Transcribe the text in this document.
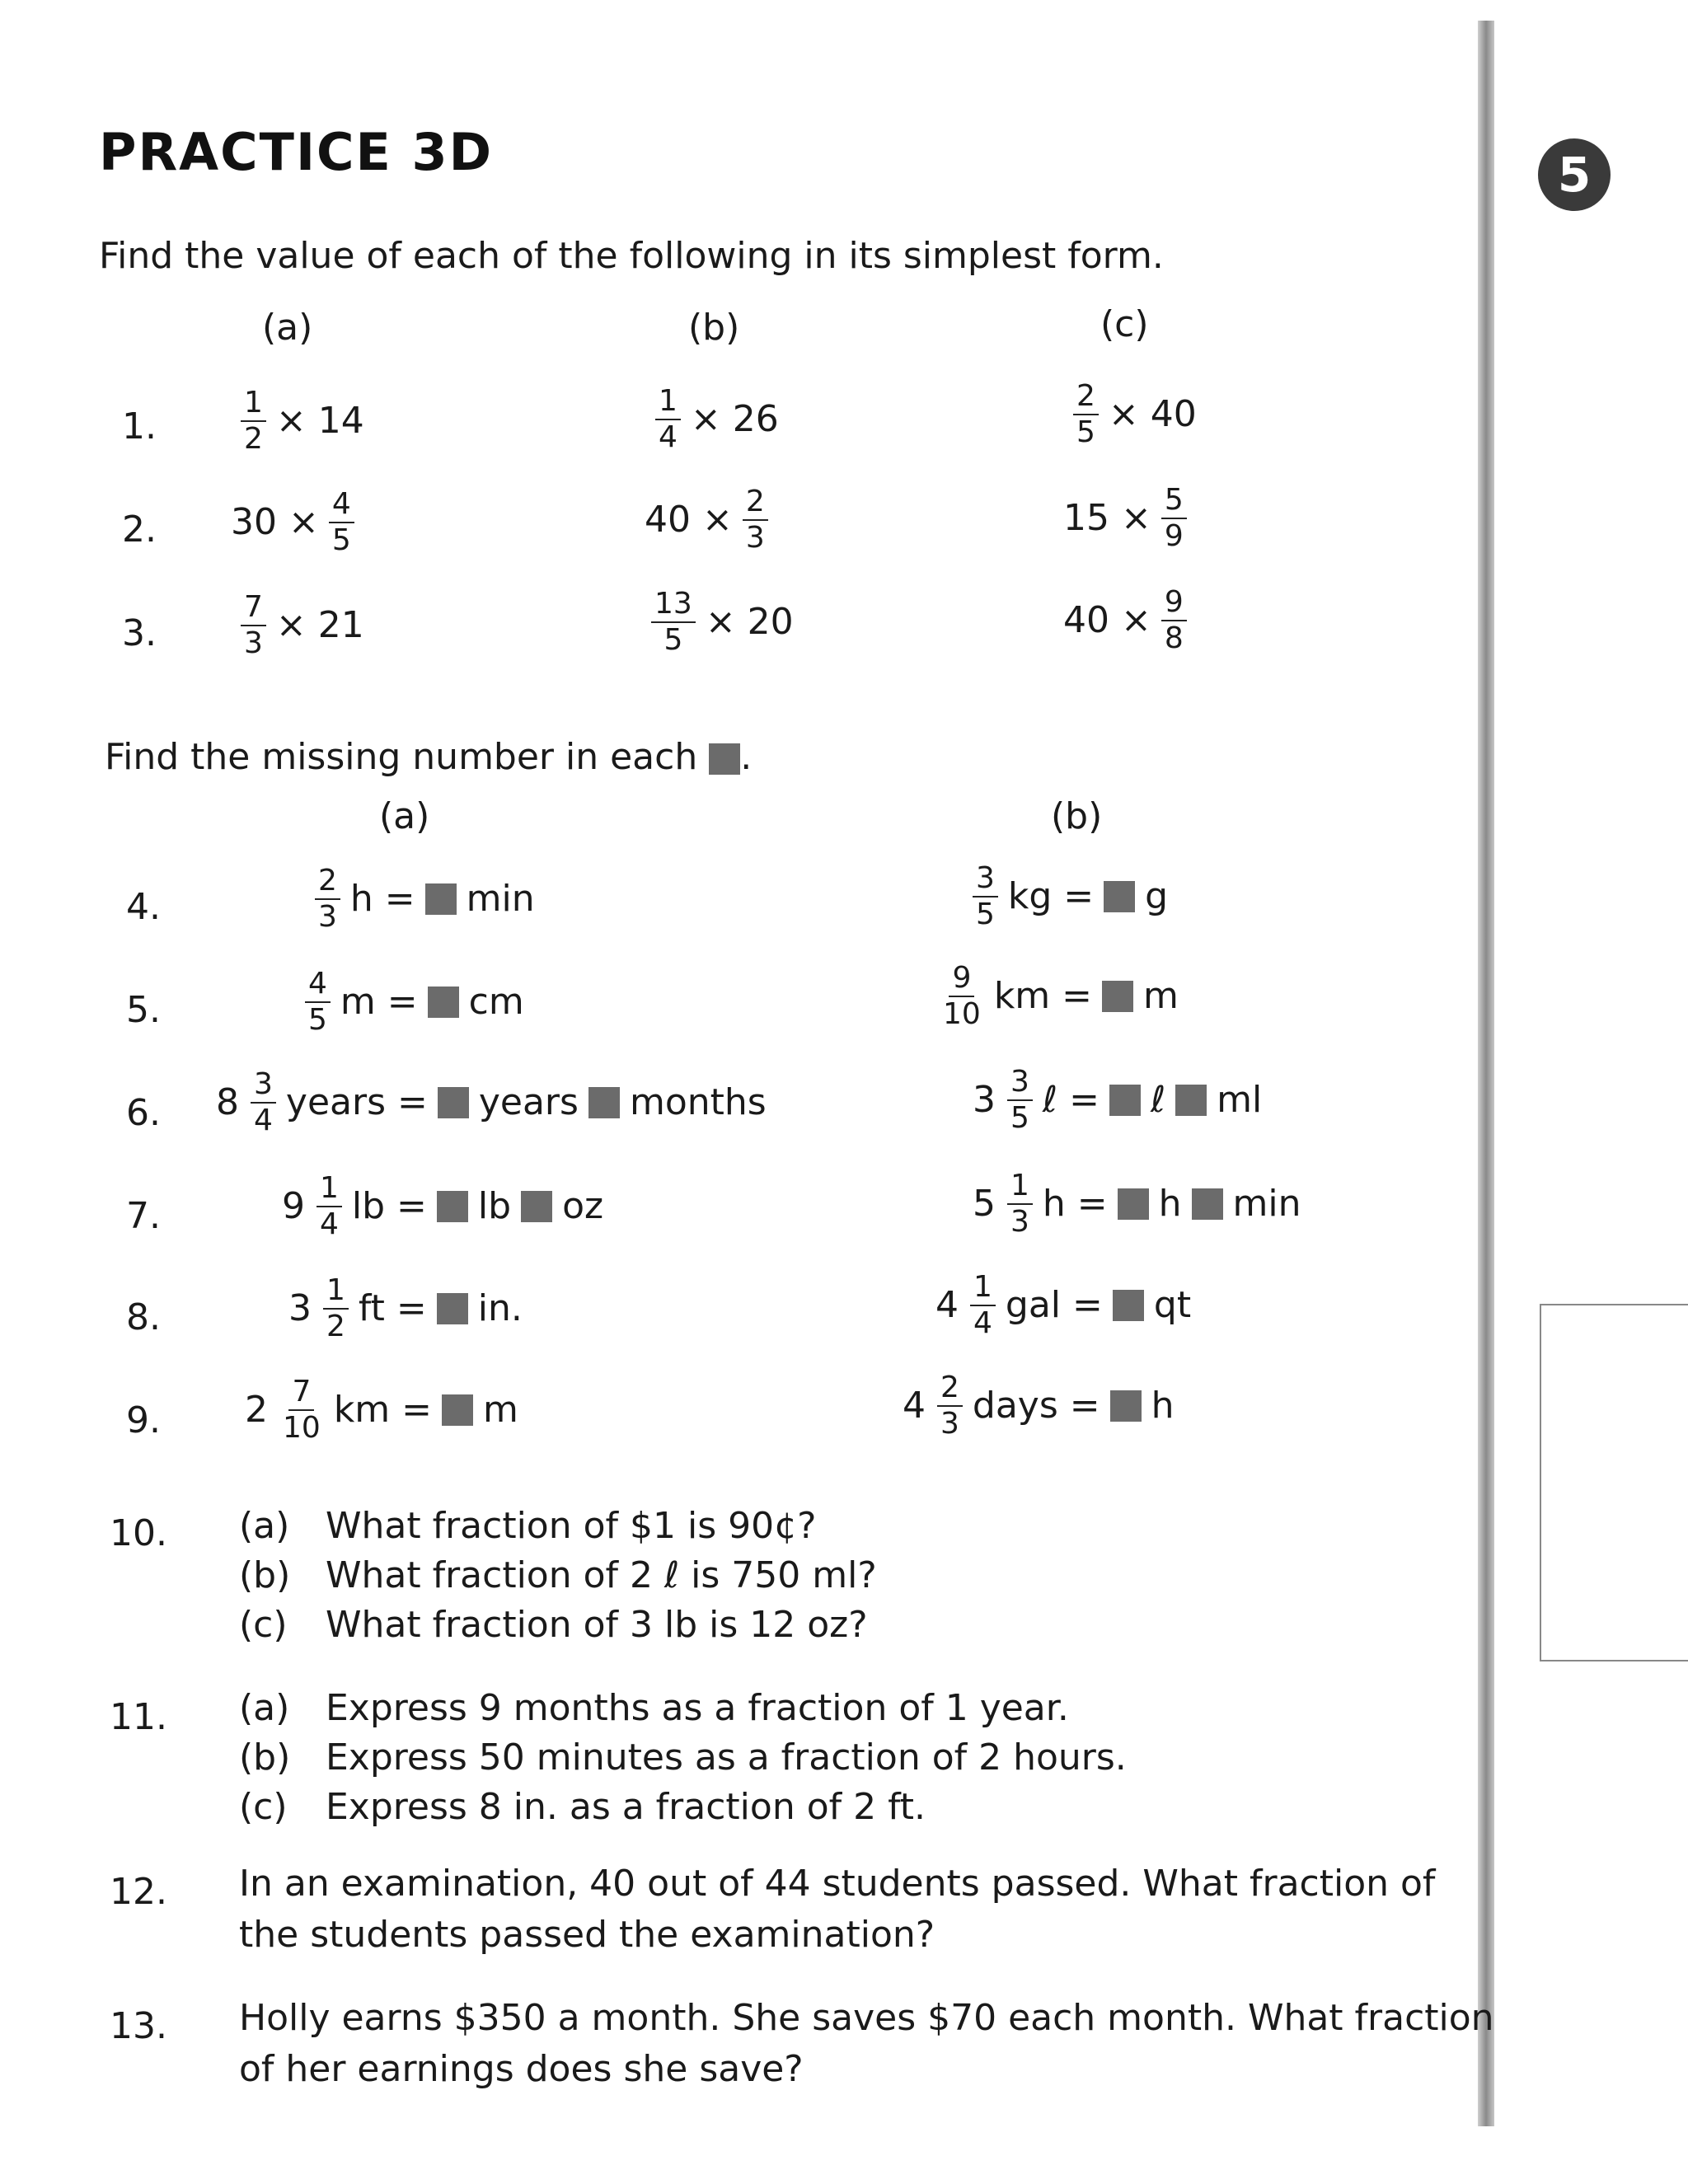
5
PRACTICE 3D
Find the value of each of the following in its simplest form.
(a)	(b)	(c)
1.	$\frac{1}{2} \times 14$	$\frac{1}{4} \times 26$	$\frac{2}{5} \times 40$
2. $30 \times \frac{4}{5}$	$40 \times \frac{2}{3}$	$15 \times \frac{5}{9}$
3.	$\frac{7}{3} \times 21$	$\frac{13}{5} \times 20$	$40 \times \frac{9}{8}$
Find the missing number in each .
(a)	(b)
4.	$\frac{2}{3}$ h = min	$\frac{3}{5}$ kg = g
5.	$\frac{4}{5}$ m = cm	$\frac{9}{10}$ km = m
6. $8 \frac{3}{4}$ years = years months	$3 \frac{3}{5}$ ℓ = ℓ ml
7.	$9 \frac{1}{4}$ lb = lb oz	$5 \frac{1}{3}$ h = h min
8.	$3 \frac{1}{2}$ ft = in.	$4 \frac{1}{4}$ gal = qt
9. $2 \frac{7}{10}$ km = m	$4 \frac{2}{3}$ days = h
10. (a) What fraction of $1 is 90¢?
(b) What fraction of 2 ℓ is 750 ml?
(c) What fraction of 3 lb is 12 oz?
11. (a) Express 9 months as a fraction of 1 year.
(b) Express 50 minutes as a fraction of 2 hours.
(c) Express 8 in. as a fraction of 2 ft.
12. In an examination, 40 out of 44 students passed. What fraction of
the students passed the examination?
13. Holly earns $350 a month. She saves $70 each month. What fraction
of her earnings does she save?
